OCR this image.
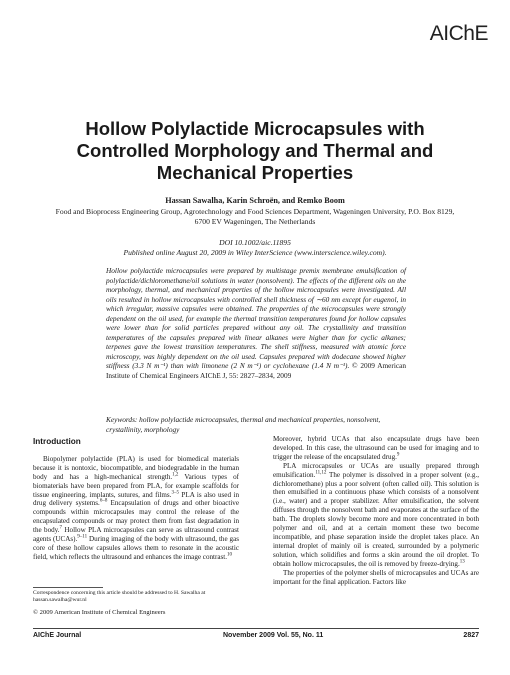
AIChE
Hollow Polylactide Microcapsules with Controlled Morphology and Thermal and Mechanical Properties
Hassan Sawalha, Karin Schroën, and Remko Boom
Food and Bioprocess Engineering Group, Agrotechnology and Food Sciences Department, Wageningen University, P.O. Box 8129, 6700 EV Wageningen, The Netherlands
DOI 10.1002/aic.11895
Published online August 20, 2009 in Wiley InterScience (www.interscience.wiley.com).
Hollow polylactide microcapsules were prepared by multistage premix membrane emulsification of polylactide/dichloromethane/oil solutions in water (nonsolvent). The effects of the different oils on the morphology, thermal, and mechanical properties of the hollow microcapsules were investigated. All oils resulted in hollow microcapsules with controlled shell thickness of ∼60 nm except for eugenol, in which irregular, massive capsules were obtained. The properties of the microcapsules were strongly dependent on the oil used, for example the thermal transition temperatures found for hollow capsules were lower than for solid particles prepared without any oil. The crystallinity and transition temperatures of the capsules prepared with linear alkanes were higher than for cyclic alkanes; terpenes gave the lowest transition temperatures. The shell stiffness, measured with atomic force microscopy, was highly dependent on the oil used. Capsules prepared with dodecane showed higher stiffness (3.3 N m⁻¹) than with limonene (2 N m⁻¹) or cyclohexane (1.4 N m⁻¹). © 2009 American Institute of Chemical Engineers AIChE J, 55: 2827–2834, 2009
Keywords: hollow polylactide microcapsules, thermal and mechanical properties, nonsolvent, crystallinity, morphology
Introduction

Biopolymer polylactide (PLA) is used for biomedical materials because it is nontoxic, biocompatible, and biodegradable in the human body and has a high-mechanical strength.$^{1,2}$ Various types of biomaterials have been prepared from PLA, for example scaffolds for tissue engineering, implants, sutures, and films.$^{3-5}$ PLA is also used in drug delivery systems.$^{6-8}$ Encapsulation of drugs and other bioactive compounds within microcapsules may control the release of the encapsulated compounds or may protect them from fast degradation in the body.$^7$ Hollow PLA microcapsules can serve as ultrasound contrast agents (UCAs).$^{9-11}$ During imaging of the body with ultrasound, the gas core of these hollow capsules allows them to resonate in the acoustic field, which reflects the ultrasound and enhances the image contrast.$^{10}$

Correspondence concerning this article should be addressed to H. Sawalha at hassan.sawalha@wur.nl
© 2009 American Institute of Chemical Engineers

Moreover, hybrid UCAs that also encapsulate drugs have been developed. In this case, the ultrasound can be used for imaging and to trigger the release of the encapsulated drug.$^9$

PLA microcapsules or UCAs are usually prepared through emulsification.$^{11,12}$ The polymer is dissolved in a proper solvent (e.g., dichloromethane) plus a poor solvent (often called oil). This solution is then emulsified in a continuous phase which consists of a nonsolvent (i.e., water) and a proper stabilizer. After emulsification, the solvent diffuses through the nonsolvent bath and evaporates at the surface of the bath. The droplets slowly become more and more concentrated in both polymer and oil, and at a certain moment these two become incompatible, and phase separation inside the droplet takes place. An internal droplet of mainly oil is created, surrounded by a polymeric solution, which solidifies and forms a skin around the oil droplet. To obtain hollow microcapsules, the oil is removed by freeze-drying.$^{13}$

The properties of the polymer shells of microcapsules and UCAs are important for the final application. Factors like

AIChE Journal	November 2009 Vol. 55, No. 11	2827
